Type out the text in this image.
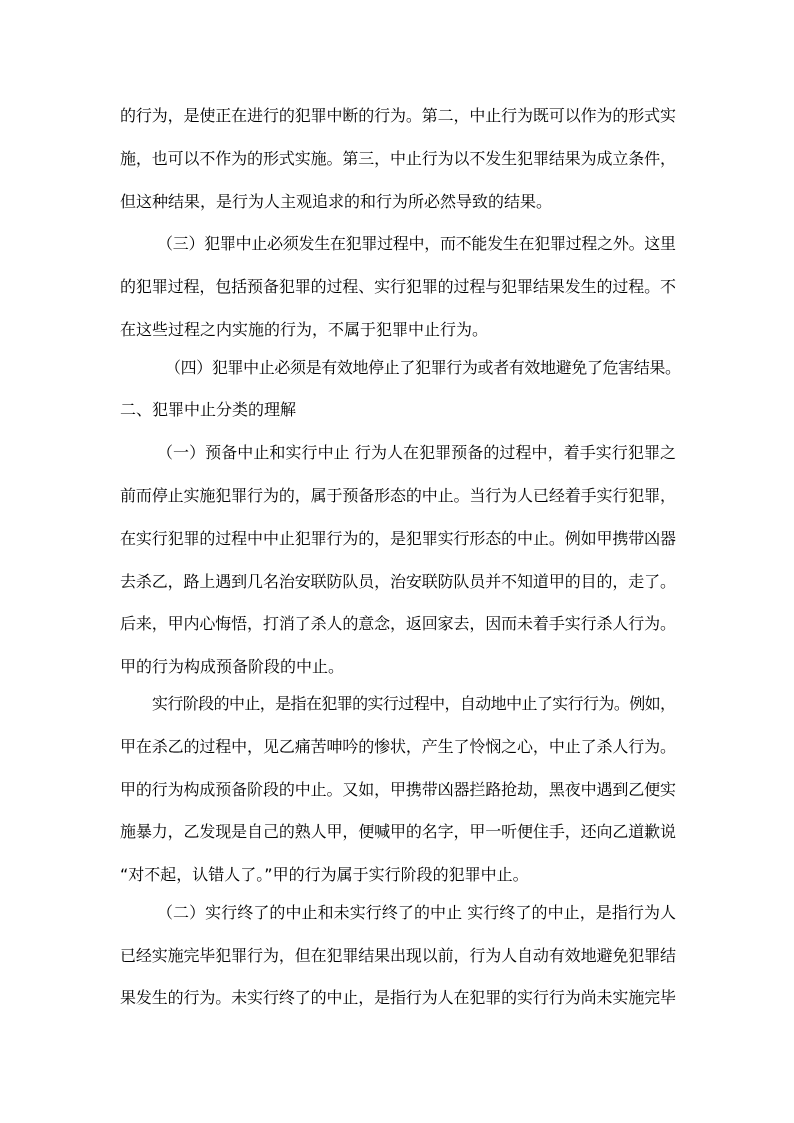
的行为，是使正在进行的犯罪中断的行为。第二，中止行为既可以作为的形式实
施，也可以不作为的形式实施。第三，中止行为以不发生犯罪结果为成立条件，
但这种结果，是行为人主观追求的和行为所必然导致的结果。
（三）犯罪中止必须发生在犯罪过程中，而不能发生在犯罪过程之外。这里
的犯罪过程，包括预备犯罪的过程、实行犯罪的过程与犯罪结果发生的过程。不
在这些过程之内实施的行为，不属于犯罪中止行为。
（四）犯罪中止必须是有效地停止了犯罪行为或者有效地避免了危害结果。
二、犯罪中止分类的理解
（一）预备中止和实行中止 行为人在犯罪预备的过程中，着手实行犯罪之
前而停止实施犯罪行为的，属于预备形态的中止。当行为人已经着手实行犯罪，
在实行犯罪的过程中中止犯罪行为的，是犯罪实行形态的中止。例如甲携带凶器
去杀乙，路上遇到几名治安联防队员，治安联防队员并不知道甲的目的，走了。
后来，甲内心悔悟，打消了杀人的意念，返回家去，因而未着手实行杀人行为。
甲的行为构成预备阶段的中止。
实行阶段的中止，是指在犯罪的实行过程中，自动地中止了实行行为。例如，
甲在杀乙的过程中，见乙痛苦呻吟的惨状，产生了怜悯之心，中止了杀人行为。
甲的行为构成预备阶段的中止。又如，甲携带凶器拦路抢劫，黑夜中遇到乙便实
施暴力，乙发现是自己的熟人甲，便喊甲的名字，甲一听便住手，还向乙道歉说
“对不起，认错人了。”甲的行为属于实行阶段的犯罪中止。
（二）实行终了的中止和未实行终了的中止 实行终了的中止，是指行为人
已经实施完毕犯罪行为，但在犯罪结果出现以前，行为人自动有效地避免犯罪结
果发生的行为。未实行终了的中止，是指行为人在犯罪的实行行为尚未实施完毕
